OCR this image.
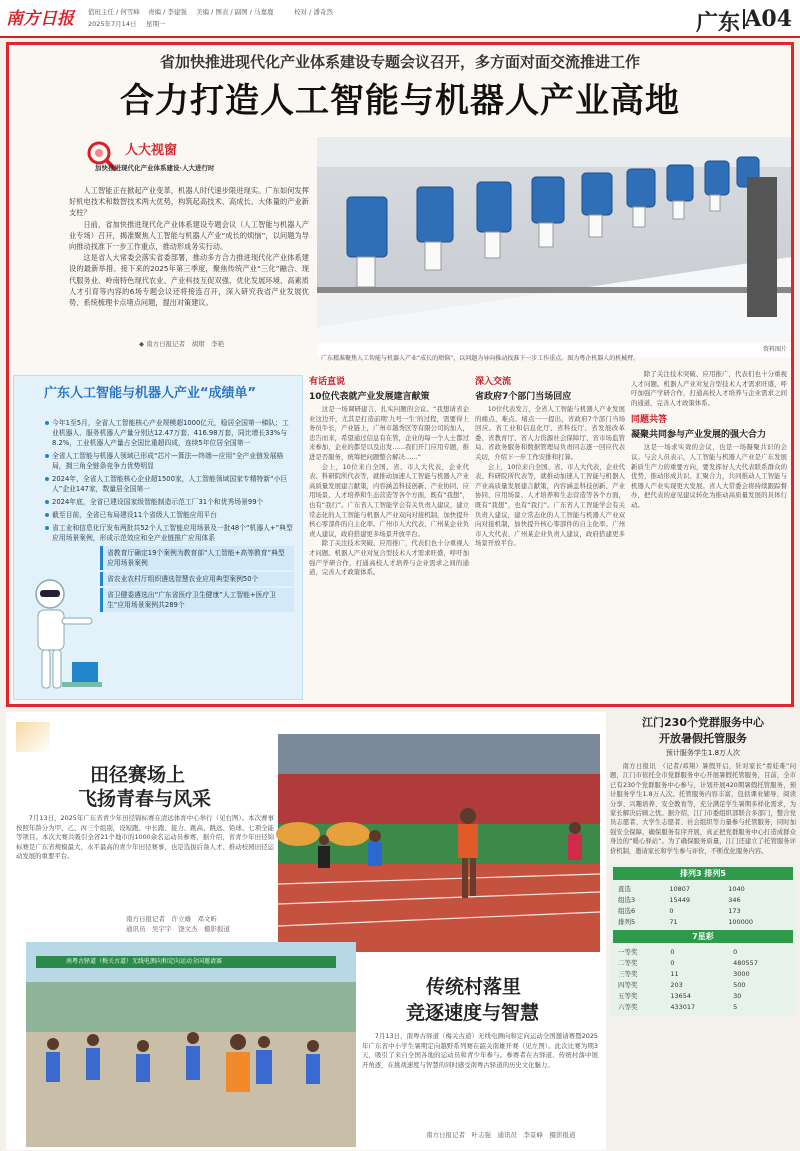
南方日报 值班主任 / 何雪峰 责编 / 李建强 美编 / 图表 / 副图 / 马嘉鹿	校对 / 潘奇然
2025年7月14日 星期一	广东 A04
省加快推进现代化产业体系建设专题会议召开，多方面对面交流推进工作
合力打造人工智能与机器人产业高地
人大视窗
加快推进现代化产业体系建设·人大进行时

人工智能正在掀起产业变革，机器人时代速步限进现实。广东如何发挥好机电技术和数智技术两大优势，构筑起高技术、高成长、大体量的产业新支柱？

日前，省加快推进现代化产业体系建设专题会议（人工智能与机器人产业专场）召开，揭准聚焦人工智能与机器人产业“成长的烦恼”，以问题为导向推动找准下一步工作重点，推动形成务实行动。

这是省人大常委会落实省委部署，推动多方合力推进现代化产业体系建设的最新举措。接下来的2025年第三季度，聚焦传统产业“三化”融合、现代服务业、岭南特色现代农业、产业科技互促双强、优化发展环境、高素质人才引育等内容的6场专题会议还将接连召开，深入研究我省产业发展优势、系统梳理卡点堵点问题，提出对策建议。

◆ 南方日报记者　胡珺　李艳
广东精准聚焦人工智能与机器人产业“成长的烦恼”，以问题为导向推动找准下一步工作重点。图为粤企机器人的机械臂。
资料图片
广东人工智能与机器人产业“成绩单”
今年1至5月，全省人工智能核心产业规模超1000亿元，稳居全国第一梯队；工业机器人、服务机器人产量分别达12.47万套、416.98万套，同比增长33%与8.2%，工业机器人产量占全国比重超四成，连续5年位居全国第一
全省人工智能与机器人领域已形成“芯片—算法—终端—应用”全产业链发展格局，拥三角全链条竞争力优势明显
2024年，全省人工智能核心企业超1500家，人工智能领域国家专精特新“小巨人”企业147家，数量居全国第一
2024年底，全省已建设国家级智能制造示范工厂31个和优秀场景99个
截至目前，全省已布局建设11个省级人工智能应用平台
省工业和信息化厅发布两批共52个人工智能应用场景及一批48个“机器人+”典型应用场景案例，形成示范效应和全产业链推广应用体系
省教育厅确定19个案例为教育部“人工智能+高等教育”典型应用场景案例
省农业农村厅组织遴选智慧农业应用典型案例50个
省卫健委遴选出“广东省医疗卫生健康”人工智能+医疗卫生“应用场景案例共289个
有话直说
10位代表就产业发展建言献策

这是一场调研建言、扎实问题的会议。“我想请省企业这边开，尤其是打造前期‘九号一生’的过程，需要得上务员牛长，产业链上，广州市越秀区等有限公司的加人，忠告而来，希望通过信息有在管，企业的每一个人士都过来参加，企业的都是以及出发……我们开门应用专题，推进是否服务，统筹把问题整合解决……”

会上，10位来自全国、省、市人大代表，企业代表、科研院所代表等，就推动加速人工智能与机器人产业高质量发展建言献策，内容涵盖科技创新、产业协同、应用场景、人才培养和生态营造等各个方面，既有“我想”，也有“我行”。广东省人工智能学会有关负责人建议，建立常态化的人工智能与机器人产业双向对接机制，加快提升核心零部件的自主化率。广州市人大代表、广州某企业负责人建议，政府搭建更多场景开放平台。

除了关注技术突破、应用推广，代表们也十分重视人才问题。机器人产业对复合型技术人才需求旺盛，呼吁加强产学研合作，打通高校人才培养与企业需求之间的通道，完善人才政策体系。

深入交流
省政府7个部门当场回应

10位代表发言，全省人工智能与机器人产业发展的痛点、难点、堵点一一提出，省政府7个部门当场回应。省工业和信息化厅、省科技厅、省发展改革委、省教育厅、省人力资源社会保障厅、省市场监管局、省政务服务和数据管理局负责同志逐一回应代表关切，介绍下一步工作安排和打算。

会上，10位来自全国、省、市人大代表，企业代表、科研院所代表等，就推动加速人工智能与机器人产业高质量发展建言献策，内容涵盖科技创新、产业协同、应用场景、人才培养和生态营造等各个方面，既有“我想”，也有“我行”。广东省人工智能学会有关负责人建议，建立常态化的人工智能与机器人产业双向对接机制，加快提升核心零部件的自主化率。广州市人大代表、广州某企业负责人建议，政府搭建更多场景开放平台。

除了关注技术突破、应用推广，代表们也十分重视人才问题。机器人产业对复合型技术人才需求旺盛，呼吁加强产学研合作，打通高校人才培养与企业需求之间的通道，完善人才政策体系。

同题共答
凝聚共同参与产业发展的强大合力

这是一场求实效的会议，也是一场凝聚共识的会议。与会人员表示，人工智能与机器人产业是广东发展新质生产力的重要方向，要发挥好人大代表联系群众的优势，推动形成共识、汇聚合力，共同推动人工智能与机器人产业实现更大发展。省人大常委会将持续跟踪督办，把代表的意见建议转化为推动高质量发展的具体行动。

田径赛场上
飞扬青春与风采

7月13日，2025年广东省青少年田径锦标赛在清远体育中心举行（见右图）。本次赛事按照年龄分为甲、乙、丙三个组别，设短跑、中长跑、接力、跳高、跳远、铅球、七项全能等项目。本次大赛共吸引全省21个地市的1000余名运动员参赛，据介绍，省青少年田径锦标赛是广东省规模最大、水平最高的青少年田径赛事，也是选拔后备人才、推动校园田径运动发展的重要平台。

南方日报记者　许立雄　邓文昕
通讯员　吴宇宇　饶文杰　摄影报道
南粤古驿道（梅关古道）无线电测向和定向运动全国邀请赛
传统村落里
竞逐速度与智慧

7月13日，南粤古驿道（梅关古道）无线电测向和定向运动全国邀请赛暨2025年广东省中小学生暑期定向越野系列赛在韶关南雄开赛（见左图）。此次比赛为期3天，吸引了来自全国各地的运动员和青少年参与。参赛者在古驿道、传统村落中展开角逐，在挑战速度与智慧的同时感受南粤古驿道的历史文化魅力。

南方日报记者　叶志强　通讯员　李景峰　摄影报道
江门230个党群服务中心
开放暑假托管服务
预计服务学生1.8万人次

南方日报讯　（记者/邓翔）暑假开启，针对家长“看娃难”问题，江门市依托全市党群服务中心开展暑假托管服务，目前，全市已有230个党群服务中心参与，计划开展420期暑假托管服务，预计服务学生1.8万人次。托管服务内容丰富，包括课业辅导、阅读分享、兴趣培养、安全教育等，充分满足学生暑期多样化需求，为家长解决后顾之忧。据介绍，江门市委组织部联合多部门，整合党员志愿者、大学生志愿者、社会组织等力量参与托管服务，同时加强安全保障，确保服务有序开展，真正把党群服务中心打造成群众身边的“暖心驿站”。为了确保服务质量，江门还建立了托管服务评价机制，邀请家长和学生参与评价，不断优化服务内容。

排列3 排列5
直选	10807	1040
组选3	15449	346
组选6	0	173
排列5	71	100000
7星彩
一等奖	0	0
二等奖	0	480557
三等奖	11	3000
四等奖	203	500
五等奖	13654	30
六等奖	433017	5
